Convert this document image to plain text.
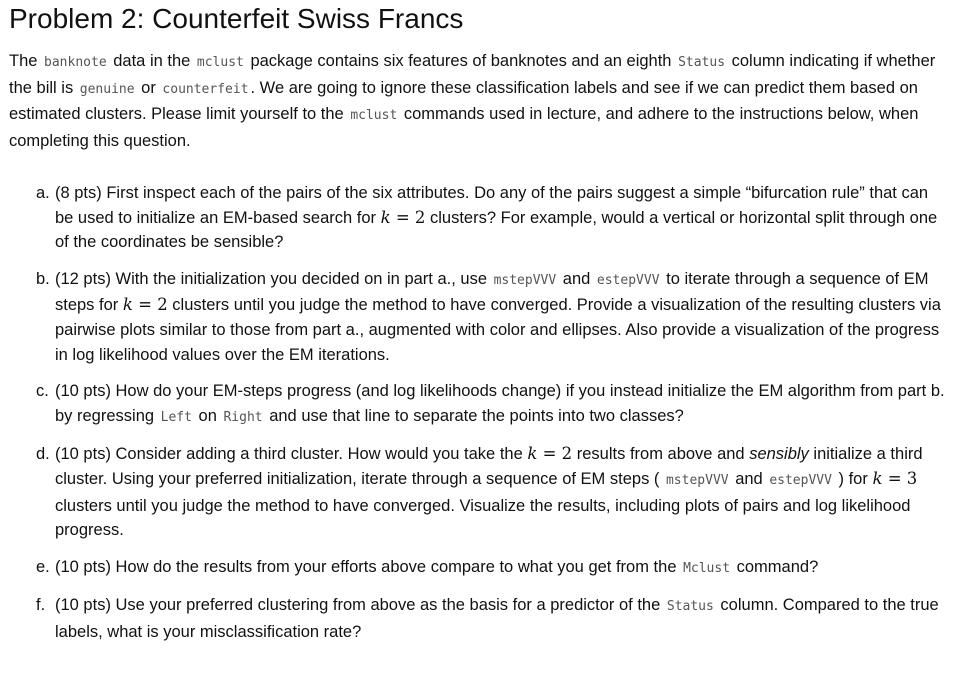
Problem 2: Counterfeit Swiss Francs

The banknote data in the mclust package contains six features of banknotes and an eighth Status column indicating if whether the bill is genuine or counterfeit . We are going to ignore these classification labels and see if we can predict them based on estimated clusters. Please limit yourself to the mclust commands used in lecture, and adhere to the instructions below, when completing this question.

a. (8 pts) First inspect each of the pairs of the six attributes. Do any of the pairs suggest a simple “bifurcation rule” that can be used to initialize an EM-based search for k = 2 clusters? For example, would a vertical or horizontal split through one of the coordinates be sensible?
b. (12 pts) With the initialization you decided on in part a., use mstepVVV and estepVVV to iterate through a sequence of EM steps for k = 2 clusters until you judge the method to have converged. Provide a visualization of the resulting clusters via pairwise plots similar to those from part a., augmented with color and ellipses. Also provide a visualization of the progress in log likelihood values over the EM iterations.
c. (10 pts) How do your EM-steps progress (and log likelihoods change) if you instead initialize the EM algorithm from part b. by regressing Left on Right and use that line to separate the points into two classes?
d. (10 pts) Consider adding a third cluster. How would you take the k = 2 results from above and sensibly initialize a third cluster. Using your preferred initialization, iterate through a sequence of EM steps ( mstepVVV and estepVVV ) for k = 3 clusters until you judge the method to have converged. Visualize the results, including plots of pairs and log likelihood progress.
e. (10 pts) How do the results from your efforts above compare to what you get from the Mclust command?
f. (10 pts) Use your preferred clustering from above as the basis for a predictor of the Status column. Compared to the true labels, what is your misclassification rate?
